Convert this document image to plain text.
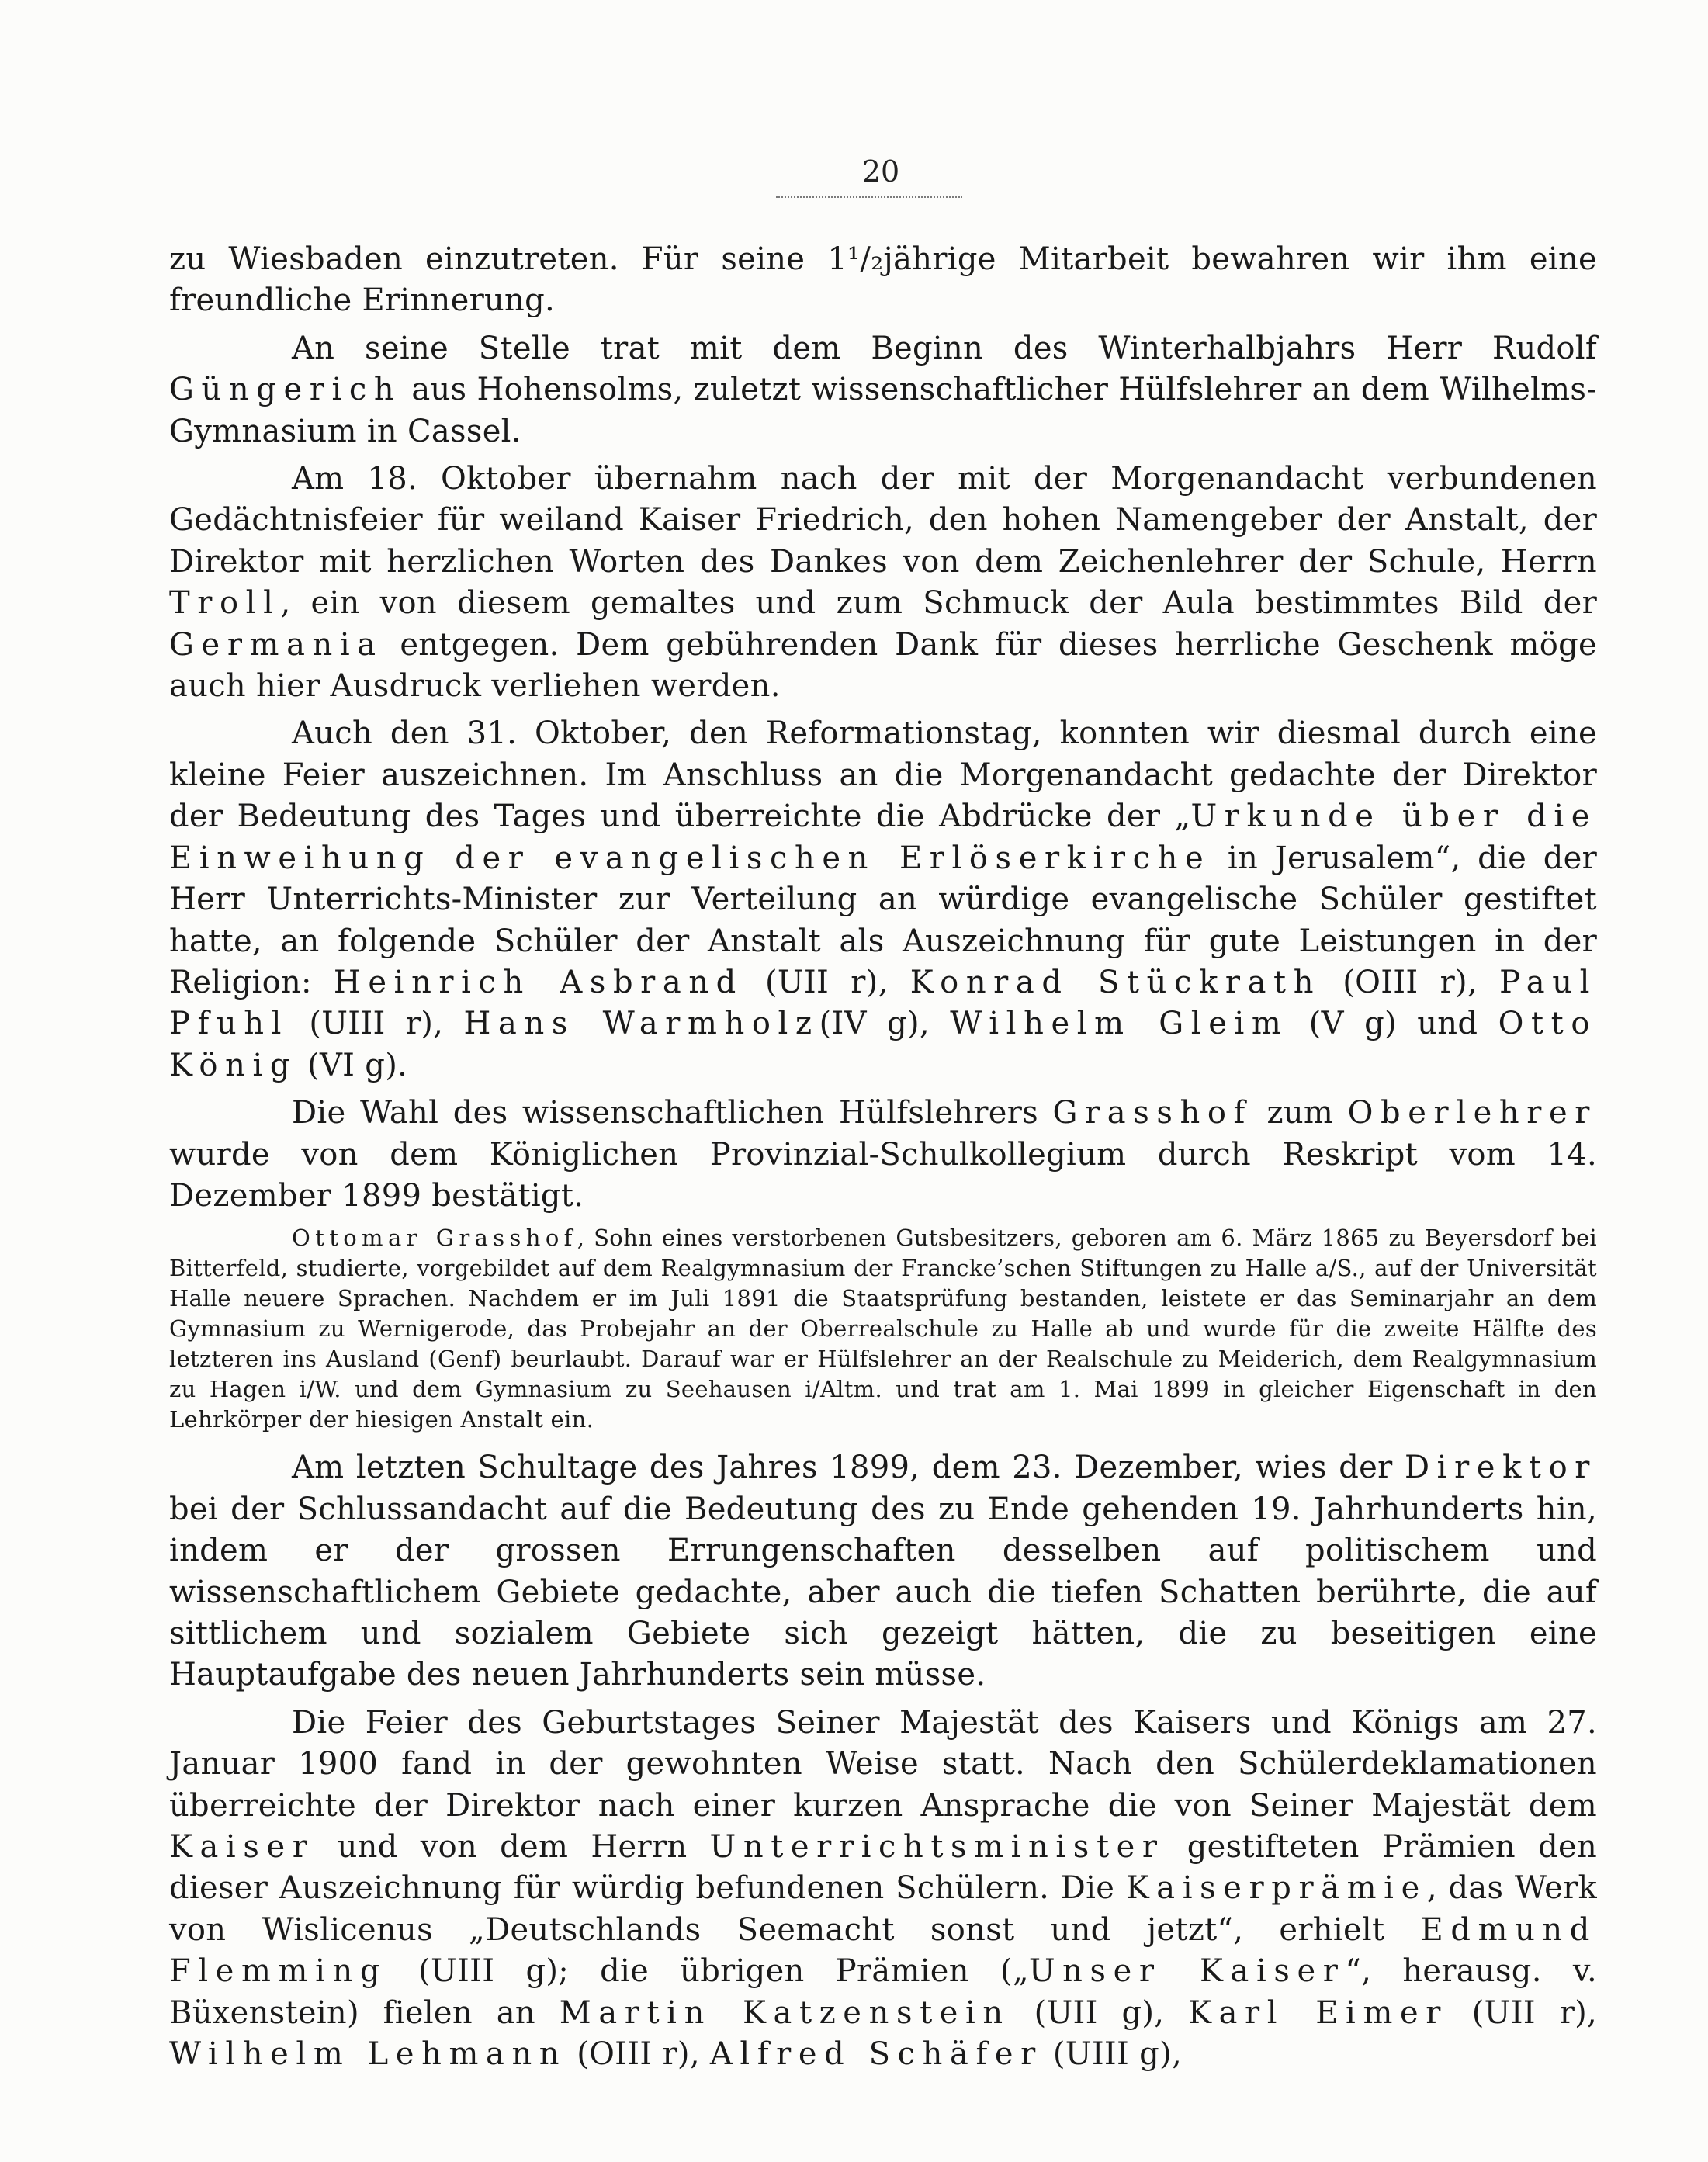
20

zu Wiesbaden einzutreten. Für seine 1¹/₂jährige Mitarbeit bewahren wir ihm eine freundliche Erinnerung.

An seine Stelle trat mit dem Beginn des Winterhalbjahrs Herr Rudolf Güngerich aus Hohensolms, zuletzt wissenschaftlicher Hülfslehrer an dem Wilhelms-Gymnasium in Cassel.

Am 18. Oktober übernahm nach der mit der Morgenandacht verbundenen Gedächtnisfeier für weiland Kaiser Friedrich, den hohen Namengeber der Anstalt, der Direktor mit herzlichen Worten des Dankes von dem Zeichenlehrer der Schule, Herrn Troll, ein von diesem gemaltes und zum Schmuck der Aula bestimmtes Bild der Germania entgegen. Dem gebührenden Dank für dieses herrliche Geschenk möge auch hier Ausdruck verliehen werden.

Auch den 31. Oktober, den Reformationstag, konnten wir diesmal durch eine kleine Feier auszeichnen. Im Anschluss an die Morgenandacht gedachte der Direktor der Bedeutung des Tages und überreichte die Abdrücke der „Urkunde über die Einweihung der evangelischen Erlöserkirche in Jerusalem“, die der Herr Unterrichts-Minister zur Verteilung an würdige evangelische Schüler gestiftet hatte, an folgende Schüler der Anstalt als Auszeichnung für gute Leistungen in der Religion: Heinrich Asbrand (UII r), Konrad Stückrath (OIII r), Paul Pfuhl (UIII r), Hans Warmholz(IV g), Wilhelm Gleim (V g) und Otto König (VI g).

Die Wahl des wissenschaftlichen Hülfslehrers Grasshof zum Oberlehrer wurde von dem Königlichen Provinzial-Schulkollegium durch Reskript vom 14. Dezember 1899 bestätigt.

Ottomar Grasshof, Sohn eines verstorbenen Gutsbesitzers, geboren am 6. März 1865 zu Beyersdorf bei Bitterfeld, studierte, vorgebildet auf dem Realgymnasium der Francke’schen Stiftungen zu Halle a/S., auf der Universität Halle neuere Sprachen. Nachdem er im Juli 1891 die Staatsprüfung bestanden, leistete er das Seminarjahr an dem Gymnasium zu Wernigerode, das Probejahr an der Oberrealschule zu Halle ab und wurde für die zweite Hälfte des letzteren ins Ausland (Genf) beurlaubt. Darauf war er Hülfslehrer an der Realschule zu Meiderich, dem Realgymnasium zu Hagen i/W. und dem Gymnasium zu Seehausen i/Altm. und trat am 1. Mai 1899 in gleicher Eigenschaft in den Lehrkörper der hiesigen Anstalt ein.

Am letzten Schultage des Jahres 1899, dem 23. Dezember, wies der Direktor bei der Schlussandacht auf die Bedeutung des zu Ende gehenden 19. Jahrhunderts hin, indem er der grossen Errungenschaften desselben auf politischem und wissenschaftlichem Gebiete gedachte, aber auch die tiefen Schatten berührte, die auf sittlichem und sozialem Gebiete sich gezeigt hätten, die zu beseitigen eine Hauptaufgabe des neuen Jahrhunderts sein müsse.

Die Feier des Geburtstages Seiner Majestät des Kaisers und Königs am 27. Januar 1900 fand in der gewohnten Weise statt. Nach den Schülerdeklamationen überreichte der Direktor nach einer kurzen Ansprache die von Seiner Majestät dem Kaiser und von dem Herrn Unterrichtsminister gestifteten Prämien den dieser Auszeichnung für würdig befundenen Schülern. Die Kaiserprämie, das Werk von Wislicenus „Deutschlands Seemacht sonst und jetzt“, erhielt Edmund Flemming (UIII g); die übrigen Prämien („Unser Kaiser“, herausg. v. Büxenstein) fielen an Martin Katzenstein (UII g), Karl Eimer (UII r), Wilhelm Lehmann (OIII r), Alfred Schäfer (UIII g),
